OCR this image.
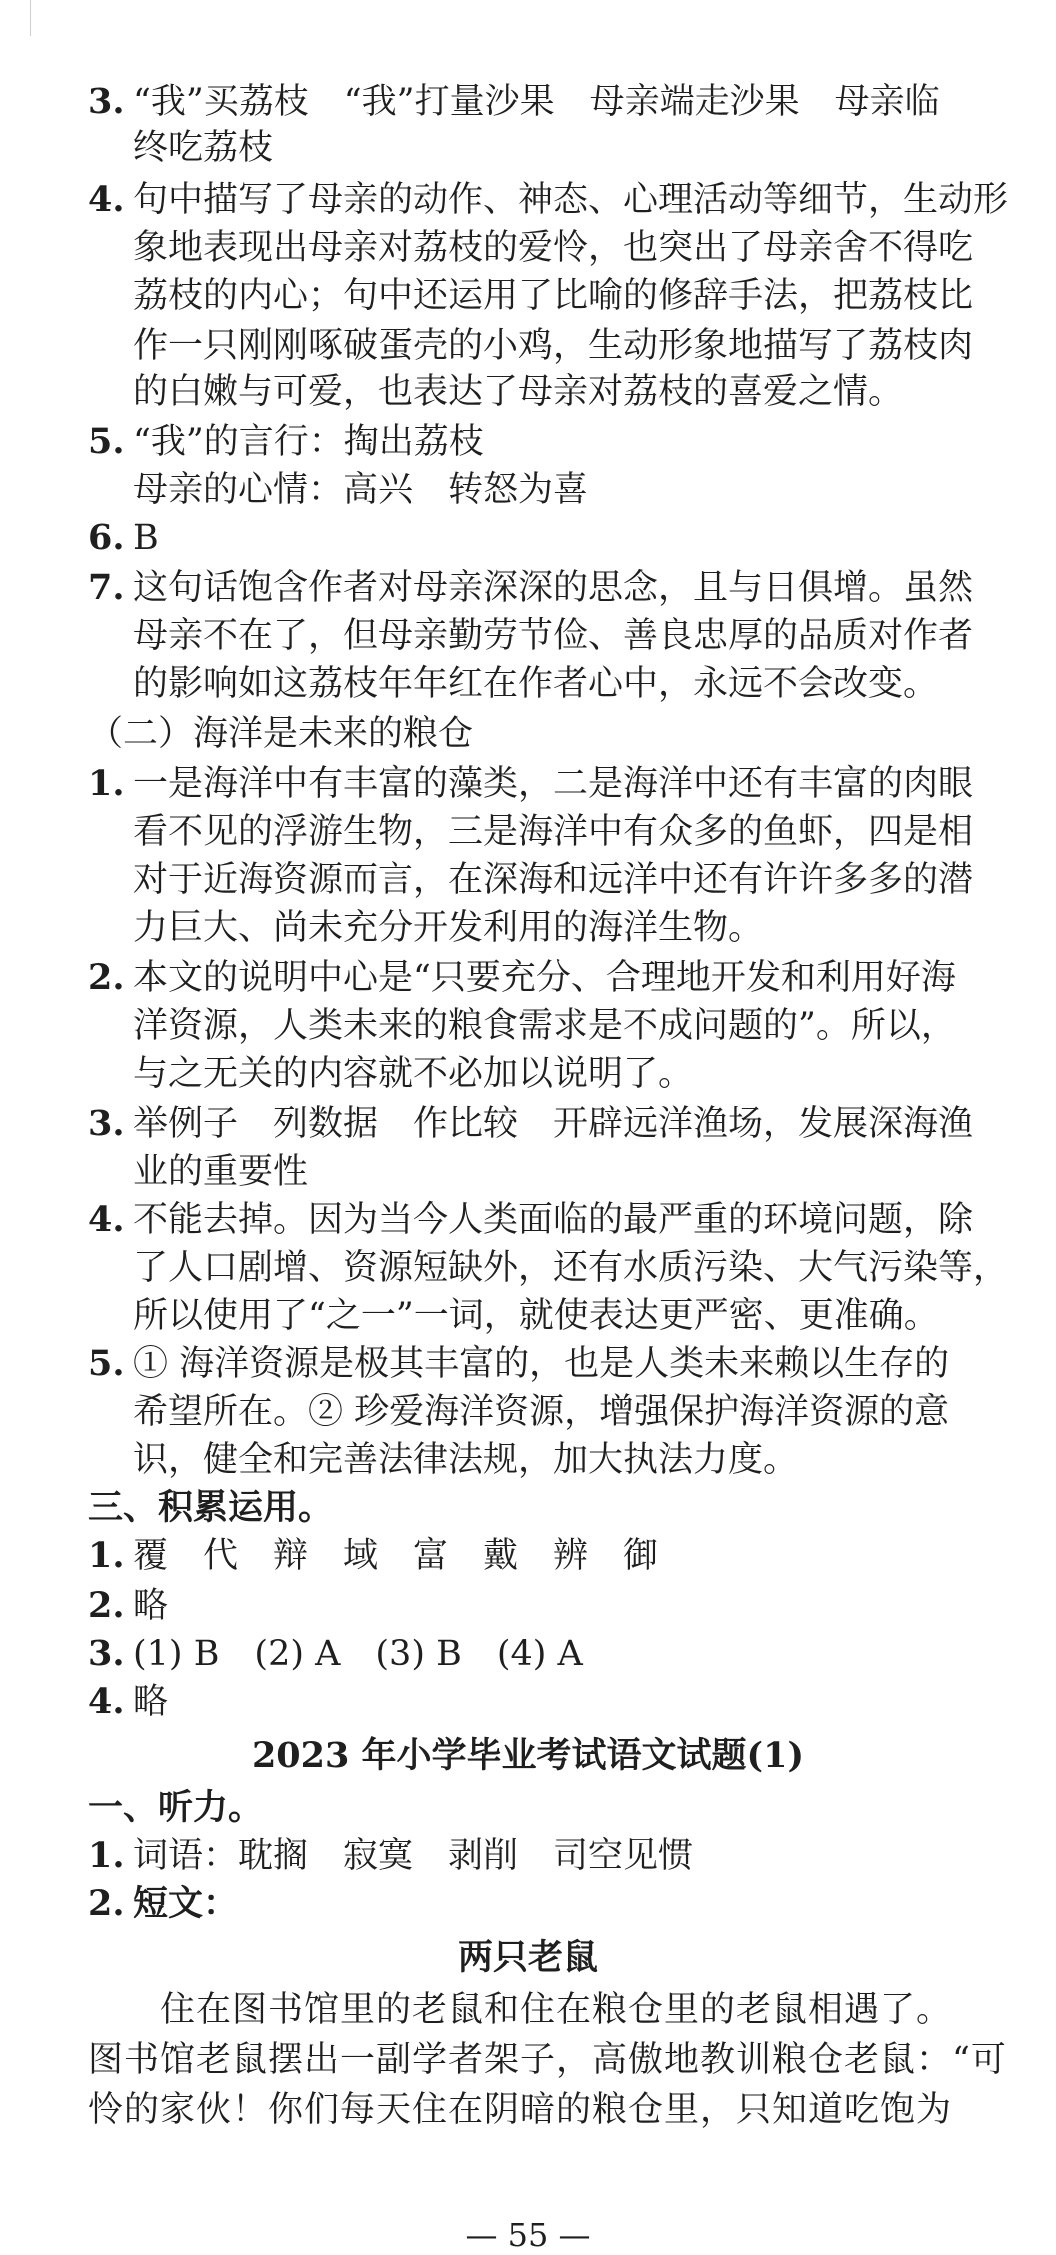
3. “我”买荔枝　“我”打量沙果　母亲端走沙果　母亲临
终吃荔枝
4. 句中描写了母亲的动作、神态、心理活动等细节，生动形
象地表现出母亲对荔枝的爱怜，也突出了母亲舍不得吃
荔枝的内心；句中还运用了比喻的修辞手法，把荔枝比
作一只刚刚啄破蛋壳的小鸡，生动形象地描写了荔枝肉
的白嫩与可爱，也表达了母亲对荔枝的喜爱之情。
5. “我”的言行：掏出荔枝
母亲的心情：高兴　转怒为喜
6. B
7. 这句话饱含作者对母亲深深的思念，且与日俱增。虽然
母亲不在了，但母亲勤劳节俭、善良忠厚的品质对作者
的影响如这荔枝年年红在作者心中，永远不会改变。
（二）海洋是未来的粮仓
1. 一是海洋中有丰富的藻类，二是海洋中还有丰富的肉眼
看不见的浮游生物，三是海洋中有众多的鱼虾，四是相
对于近海资源而言，在深海和远洋中还有许许多多的潜
力巨大、尚未充分开发利用的海洋生物。
2. 本文的说明中心是“只要充分、合理地开发和利用好海
洋资源，人类未来的粮食需求是不成问题的”。所以，
与之无关的内容就不必加以说明了。
3. 举例子　列数据　作比较　开辟远洋渔场，发展深海渔
业的重要性
4. 不能去掉。因为当今人类面临的最严重的环境问题，除
了人口剧增、资源短缺外，还有水质污染、大气污染等，
所以使用了“之一”一词，就使表达更严密、更准确。
5. ① 海洋资源是极其丰富的，也是人类未来赖以生存的
希望所在。② 珍爱海洋资源，增强保护海洋资源的意
识，健全和完善法律法规，加大执法力度。
三、积累运用。
1. 覆　代　辩　域　富　戴　辨　御
2. 略
3. (1) B　(2) A　(3) B　(4) A
4. 略
2023 年小学毕业考试语文试题(1)
一、听力。
1. 词语：耽搁　寂寞　剥削　司空见惯
2. 短文：
两只老鼠
　　住在图书馆里的老鼠和住在粮仓里的老鼠相遇了。
图书馆老鼠摆出一副学者架子，高傲地教训粮仓老鼠：“可
怜的家伙！你们每天住在阴暗的粮仓里，只知道吃饱为
— 55 —
